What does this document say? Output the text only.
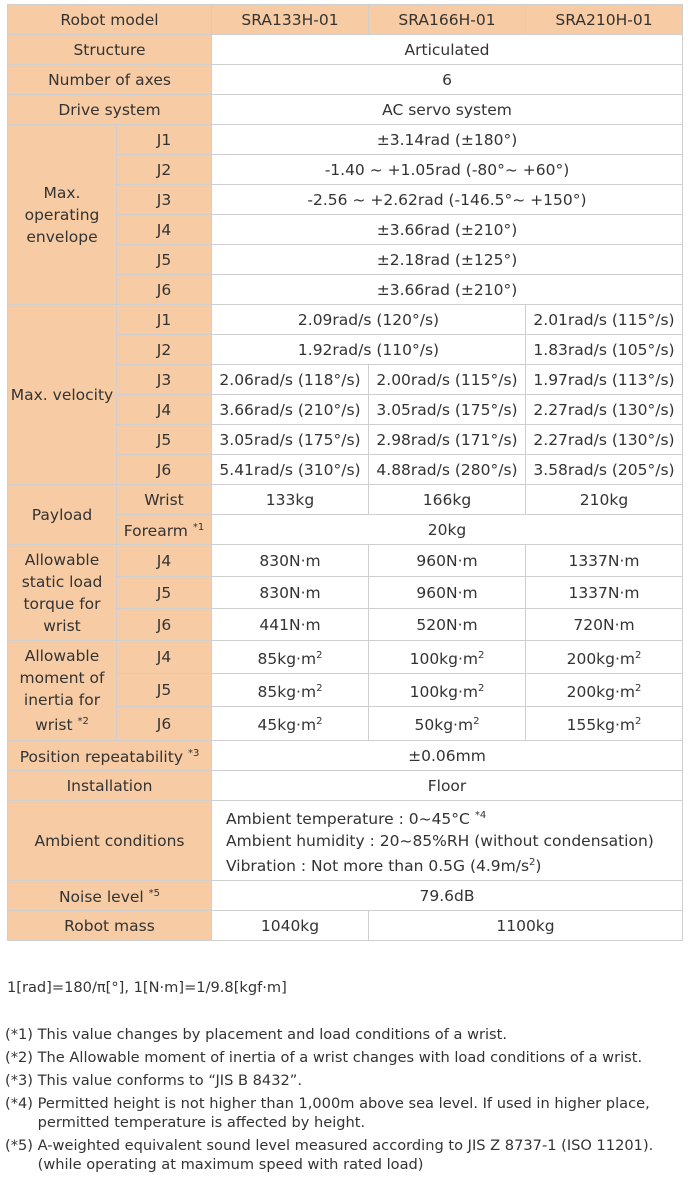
Robot model		SRA133H-01	SRA166H-01	SRA210H-01
Structure		Articulated		
Number of axes		6		
Drive system		AC servo system		

Max.
operating
envelope	J1	±3.14rad (±180°)		
	J2	-1.40 ~ +1.05rad (-80°~ +60°)		
	J3	-2.56 ~ +2.62rad (-146.5°~ +150°)		
	J4	±3.66rad (±210°)		
	J5	±2.18rad (±125°)		
	J6	±3.66rad (±210°)		
Max. velocity	J1	2.09rad/s (120°/s)		2.01rad/s (115°/s)
	J2	1.92rad/s (110°/s)		1.83rad/s (105°/s)
	J3	2.06rad/s (118°/s)	2.00rad/s (115°/s)	1.97rad/s (113°/s)
	J4	3.66rad/s (210°/s)	3.05rad/s (175°/s)	2.27rad/s (130°/s)
	J5	3.05rad/s (175°/s)	2.98rad/s (171°/s)	2.27rad/s (130°/s)
	J6	5.41rad/s (310°/s)	4.88rad/s (280°/s)	3.58rad/s (205°/s)
Payload	Wrist	133kg	166kg	210kg
	Forearm $^{*1}$	20kg		

Allowable
static load
torque for
wrist	J4	830N·m	960N·m	1337N·m
	J5	830N·m	960N·m	1337N·m
	J6	441N·m	520N·m	720N·m

Allowable
moment of
inertia for
wrist $^{*2}$	J4	$85kg\cdot m^2$	$100kg\cdot m^2$	$200kg\cdot m^2$
	J5	$85kg\cdot m^2$	$100kg\cdot m^2$	$200kg\cdot m^2$
	J6	$45kg\cdot m^2$	$50kg\cdot m^2$	$155kg\cdot m^2$
Position repeatability $^{*3}$		±0.06mm		
Installation		Floor		
Ambient conditions		Ambient temperature : 0~45°C $^{*4}$
Ambient humidity : 20~85%RH (without condensation)
Vibration : Not more than 0.5G $(4.9m/s^2)$		

Noise level $^{*5}$		79.6dB		
Robot mass		1040kg	1100kg	
1[rad]=180/π[°], 1[N·m]=1/9.8[kgf·m]
(*1)
This value changes by placement and load conditions of a wrist.
(*2)
The Allowable moment of inertia of a wrist changes with load conditions of a wrist.
(*3)
This value conforms to “JIS B 8432”.
(*4)
Permitted height is not higher than 1,000m above sea level. If used in higher place, permitted temperature is affected by height.
(*5)
A-weighted equivalent sound level measured according to JIS Z 8737-1 (ISO 11201). (while operating at maximum speed with rated load)
